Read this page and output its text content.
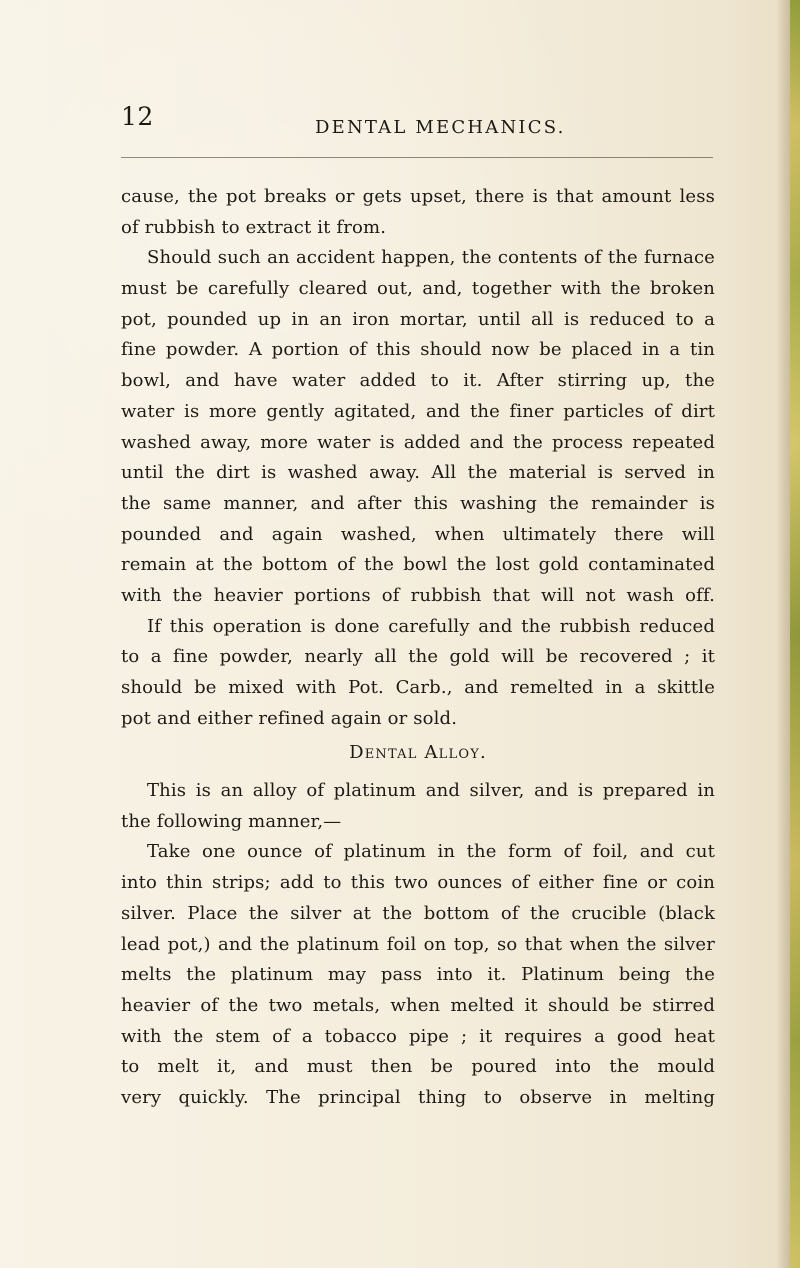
12	DENTAL MECHANICS.
cause, the pot breaks or gets upset, there is that amount less
of rubbish to extract it from.
Should such an accident happen, the contents of the furnace
must be carefully cleared out, and, together with the broken
pot, pounded up in an iron mortar, until all is reduced to a
fine powder. A portion of this should now be placed in a tin
bowl, and have water added to it. After stirring up, the
water is more gently agitated, and the finer particles of dirt
washed away, more water is added and the process repeated
until the dirt is washed away. All the material is served in
the same manner, and after this washing the remainder is
pounded and again washed, when ultimately there will
remain at the bottom of the bowl the lost gold contaminated
with the heavier portions of rubbish that will not wash off.
If this operation is done carefully and the rubbish reduced
to a fine powder, nearly all the gold will be recovered ; it
should be mixed with Pot. Carb., and remelted in a skittle
pot and either refined again or sold.
Dental Alloy.
This is an alloy of platinum and silver, and is prepared in
the following manner,—
Take one ounce of platinum in the form of foil, and cut
into thin strips; add to this two ounces of either fine or coin
silver. Place the silver at the bottom of the crucible (black
lead pot,) and the platinum foil on top, so that when the silver
melts the platinum may pass into it. Platinum being the
heavier of the two metals, when melted it should be stirred
with the stem of a tobacco pipe ; it requires a good heat
to melt it, and must then be poured into the mould
very quickly. The principal thing to observe in melting
